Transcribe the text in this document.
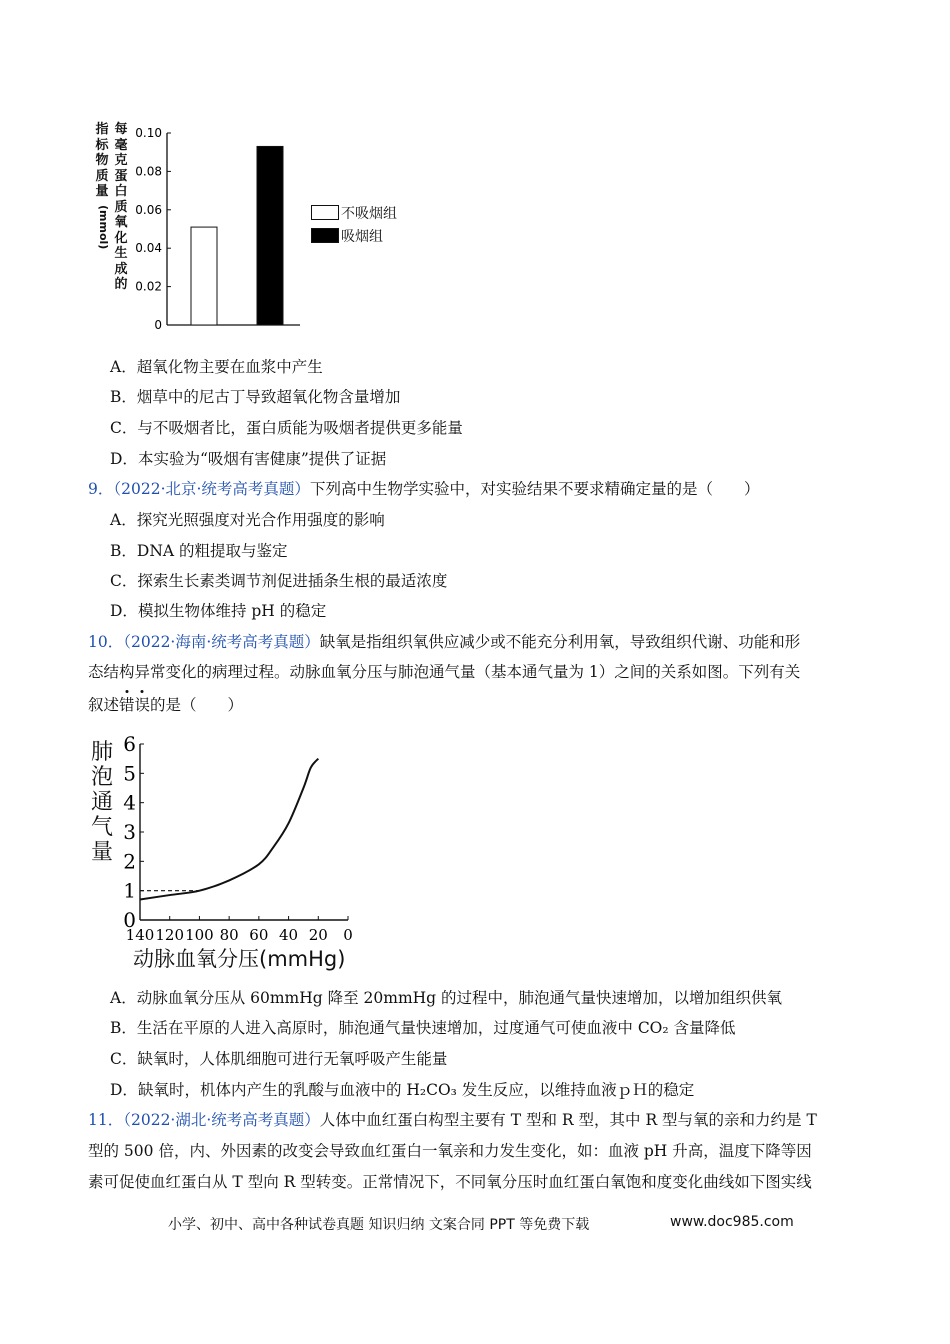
指标物质量
(mmol)
每毫克蛋白质氧化生成的
0
0.02
0.04
0.06
0.08
0.10
不吸烟组
吸烟组
A．超氧化物主要在血浆中产生
B．烟草中的尼古丁导致超氧化物含量增加
C．与不吸烟者比，蛋白质能为吸烟者提供更多能量
D．本实验为“吸烟有害健康”提供了证据
9．（2022·北京·统考高考真题）下列高中生物学实验中，对实验结果不要求精确定量的是（　　）
A．探究光照强度对光合作用强度的影响
B．DNA 的粗提取与鉴定
C．探索生长素类调节剂促进插条生根的最适浓度
D．模拟生物体维持 pH 的稳定
10．（2022·海南·统考高考真题）缺氧是指组织氧供应减少或不能充分利用氧，导致组织代谢、功能和形
态结构异常变化的病理过程。动脉血氧分压与肺泡通气量（基本通气量为 1）之间的关系如图。下列有关
叙述错误的是（　　）
肺泡通气量
0
1
2
3
4
5
6
140 120 100 80 60 40 20 0
动脉血氧分压(mmHg)
A．动脉血氧分压从 60mmHg 降至 20mmHg 的过程中，肺泡通气量快速增加，以增加组织供氧
B．生活在平原的人进入高原时，肺泡通气量快速增加，过度通气可使血液中 CO₂ 含量降低
C．缺氧时，人体肌细胞可进行无氧呼吸产生能量
D．缺氧时，机体内产生的乳酸与血液中的 H₂CO₃ 发生反应，以维持血液ｐＨ的稳定
11．（2022·湖北·统考高考真题）人体中血红蛋白构型主要有 T 型和 R 型，其中 R 型与氧的亲和力约是 T
型的 500 倍，内、外因素的改变会导致血红蛋白一氧亲和力发生变化，如：血液 pH 升高，温度下降等因
素可促使血红蛋白从 T 型向 R 型转变。正常情况下，不同氧分压时血红蛋白氧饱和度变化曲线如下图实线
小学、初中、高中各种试卷真题 知识归纳 文案合同 PPT 等免费下载	www.doc985.com
